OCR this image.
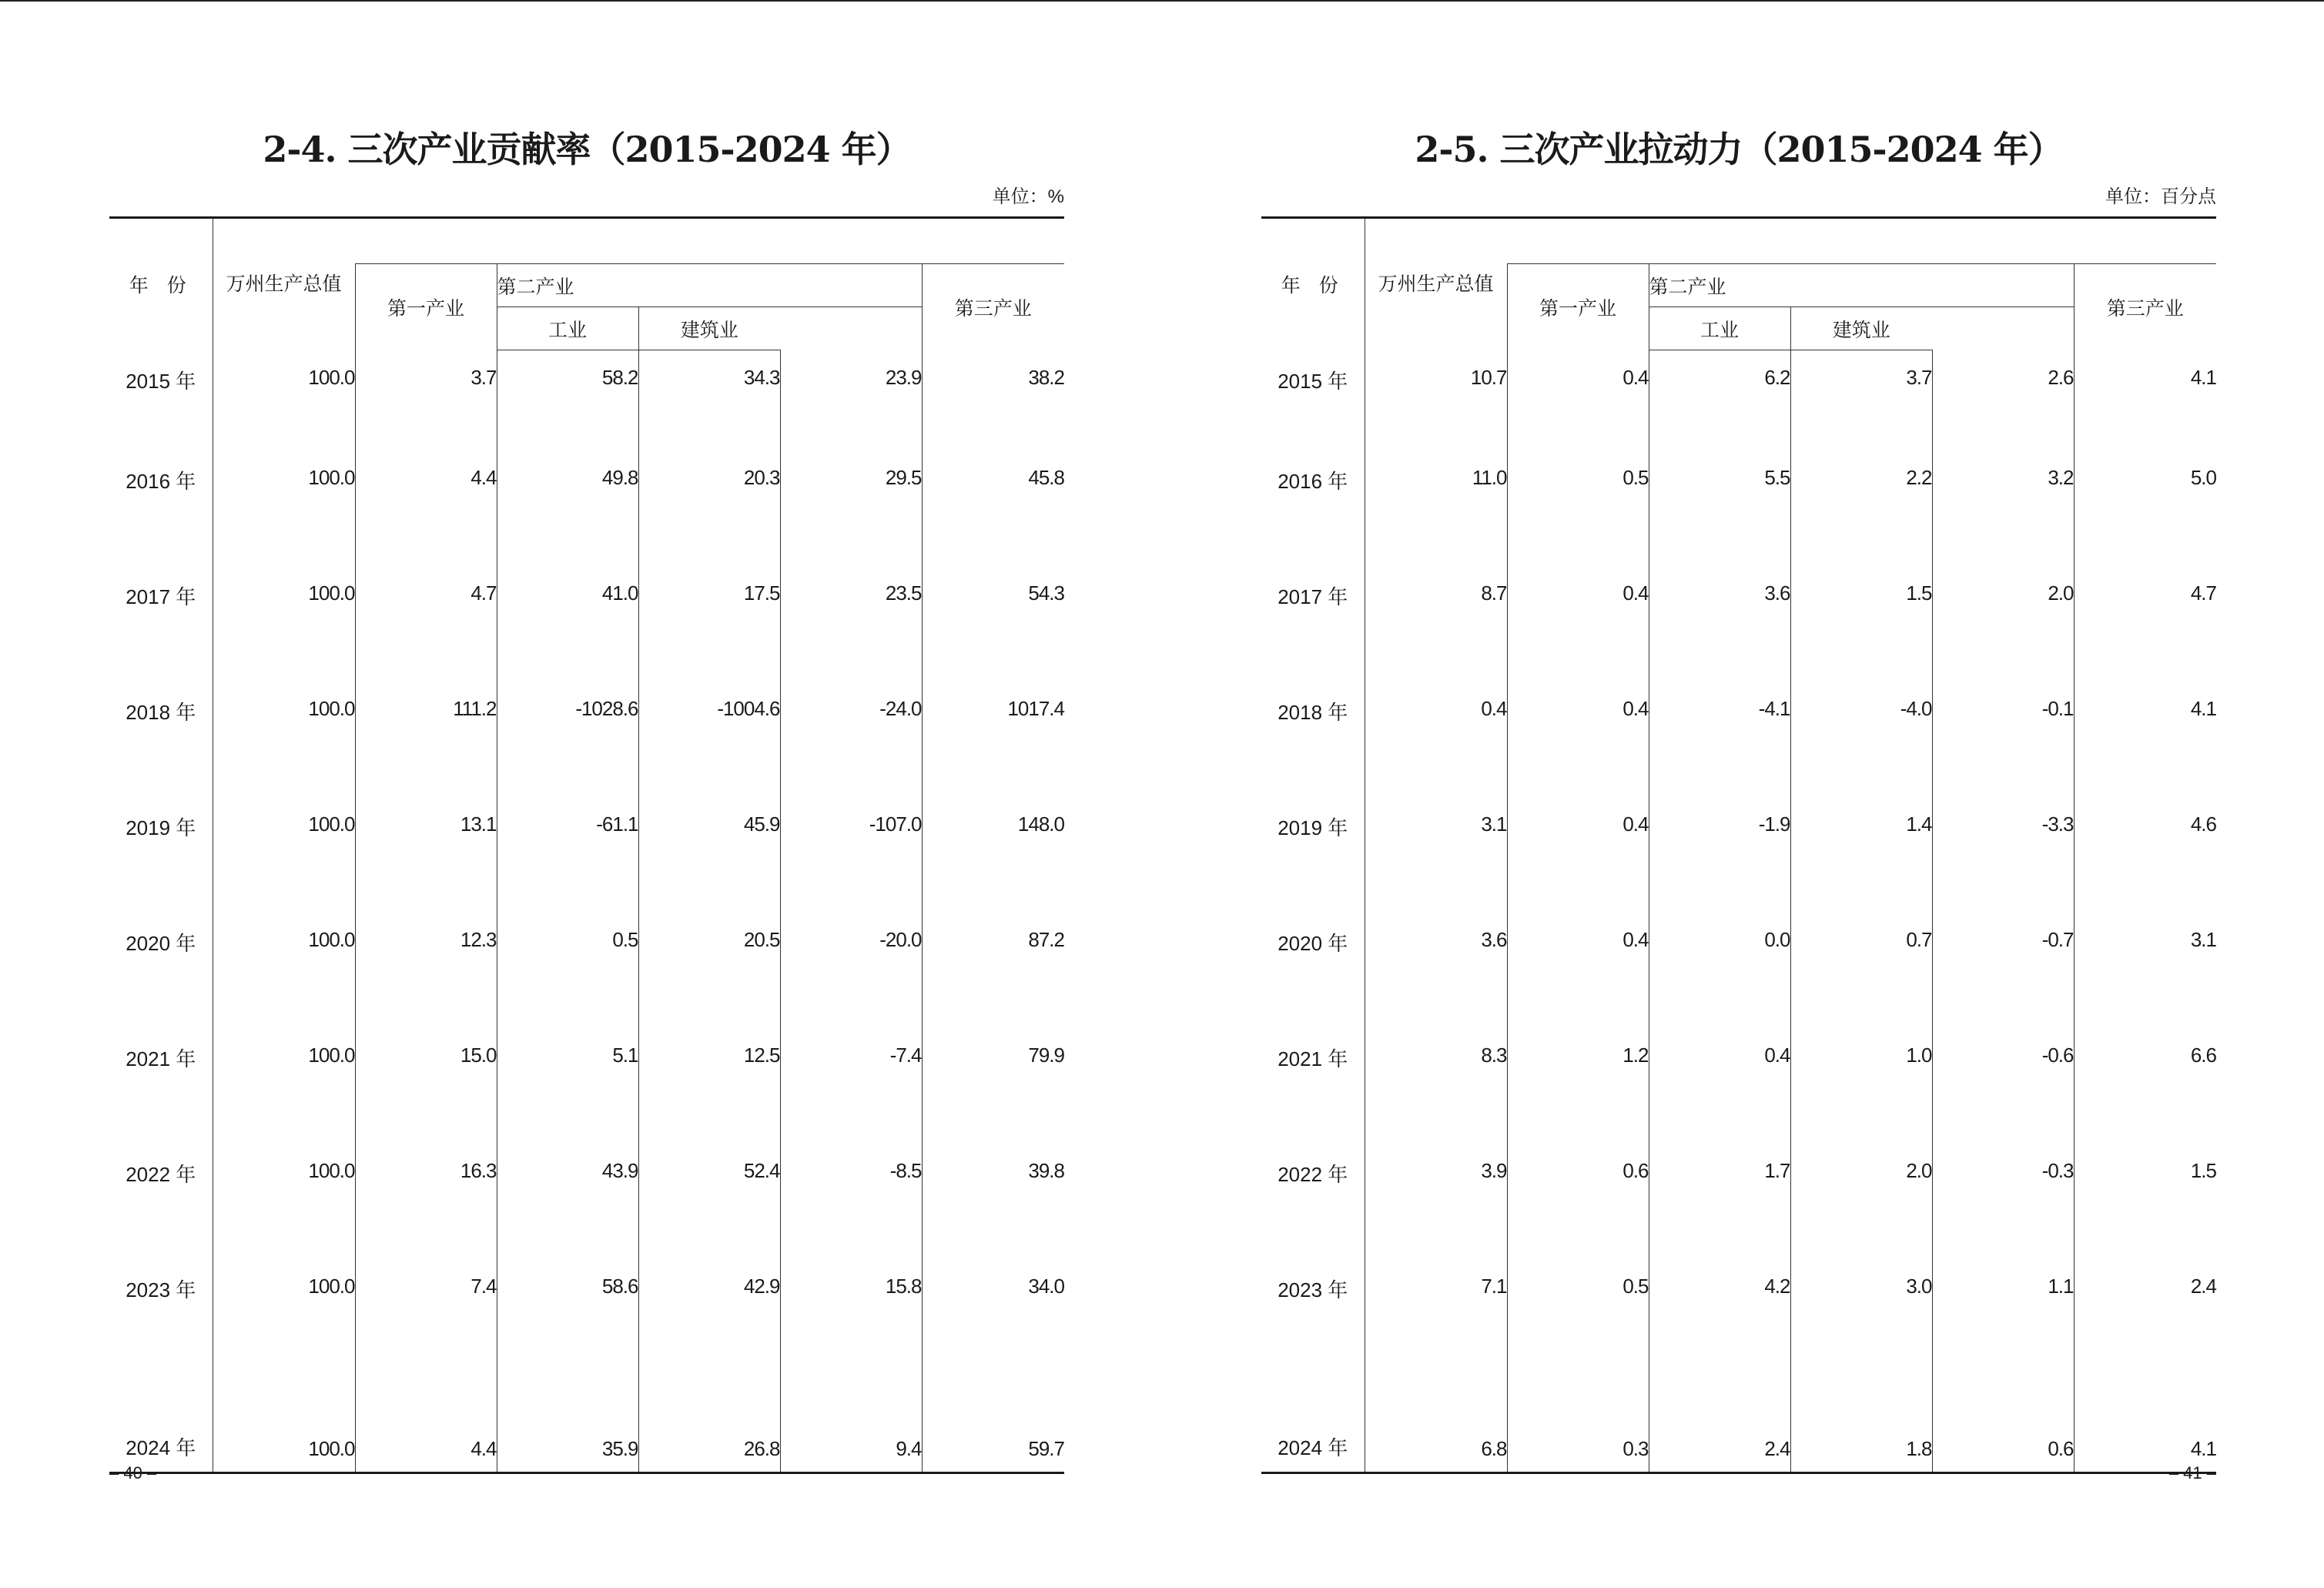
2-4. 三次产业贡献率（2015-2024 年）
单位：%
年 份	万州生产总值					
		第一产业	第二产业			第三产业
			工业	建筑业		
2015 年	100.0	3.7	58.2	34.3	23.9	38.2
2016 年	100.0	4.4	49.8	20.3	29.5	45.8
2017 年	100.0	4.7	41.0	17.5	23.5	54.3
2018 年	100.0	111.2	-1028.6	-1004.6	-24.0	1017.4
2019 年	100.0	13.1	-61.1	45.9	-107.0	148.0
2020 年	100.0	12.3	0.5	20.5	-20.0	87.2
2021 年	100.0	15.0	5.1	12.5	-7.4	79.9
2022 年	100.0	16.3	43.9	52.4	-8.5	39.8
2023 年	100.0	7.4	58.6	42.9	15.8	34.0
2024 年	100.0	4.4	35.9	26.8	9.4	59.7
– 40 –
2-5. 三次产业拉动力（2015-2024 年）
单位：百分点
年 份	万州生产总值					
		第一产业	第二产业			第三产业
			工业	建筑业		
2015 年	10.7	0.4	6.2	3.7	2.6	4.1
2016 年	11.0	0.5	5.5	2.2	3.2	5.0
2017 年	8.7	0.4	3.6	1.5	2.0	4.7
2018 年	0.4	0.4	-4.1	-4.0	-0.1	4.1
2019 年	3.1	0.4	-1.9	1.4	-3.3	4.6
2020 年	3.6	0.4	0.0	0.7	-0.7	3.1
2021 年	8.3	1.2	0.4	1.0	-0.6	6.6
2022 年	3.9	0.6	1.7	2.0	-0.3	1.5
2023 年	7.1	0.5	4.2	3.0	1.1	2.4
2024 年	6.8	0.3	2.4	1.8	0.6	4.1
– 41 –
